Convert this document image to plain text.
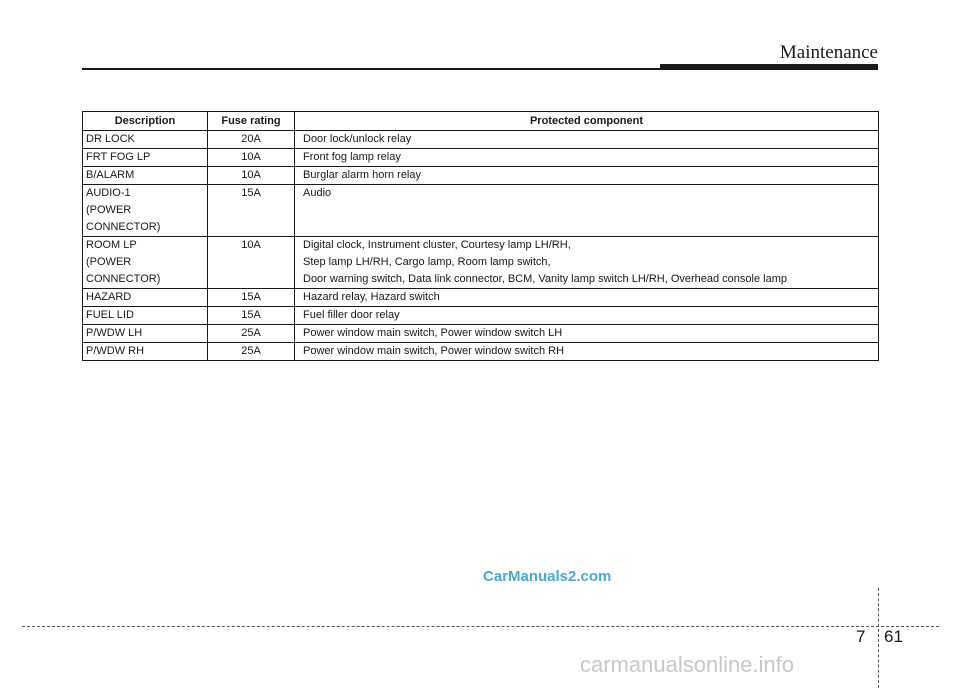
Maintenance
Description	Fuse rating	Protected component

DR LOCK	20A	Door lock/unlock relay

FRT FOG LP	10A	Front fog lamp relay

B/ALARM	10A	Burglar alarm horn relay

AUDIO-1
(POWER
CONNECTOR)	15A	Audio

ROOM LP
(POWER
CONNECTOR)	10A	Digital clock, Instrument cluster, Courtesy lamp LH/RH,
Step lamp LH/RH, Cargo lamp, Room lamp switch,
Door warning switch, Data link connector, BCM, Vanity lamp switch LH/RH, Overhead console lamp

HAZARD	15A	Hazard relay, Hazard switch

FUEL LID	15A	Fuel filler door relay

P/WDW LH	25A	Power window main switch, Power window switch LH

P/WDW RH	25A	Power window main switch, Power window switch RH
CarManuals2.com
7 61
carmanualsonline.info
